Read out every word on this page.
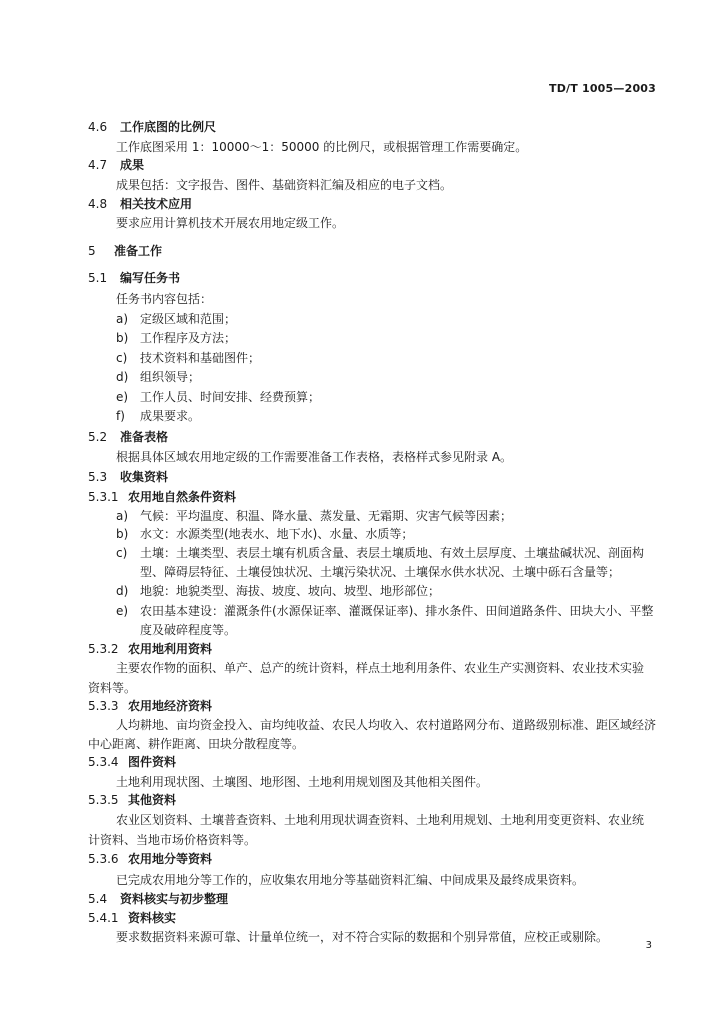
TD/T 1005—2003
4.6 工作底图的比例尺
工作底图采用 1：10000～1：50000 的比例尺，或根据管理工作需要确定。
4.7 成果
成果包括：文字报告、图件、基础资料汇编及相应的电子文档。
4.8 相关技术应用
要求应用计算机技术开展农用地定级工作。
5 准备工作
5.1 编写任务书
任务书内容包括：
a) 定级区域和范围；
b) 工作程序及方法；
c) 技术资料和基础图件；
d) 组织领导；
e) 工作人员、时间安排、经费预算；
f) 成果要求。
5.2 准备表格
根据具体区域农用地定级的工作需要准备工作表格，表格样式参见附录 A。
5.3 收集资料
5.3.1 农用地自然条件资料
a) 气候：平均温度、积温、降水量、蒸发量、无霜期、灾害气候等因素；
b) 水文：水源类型(地表水、地下水)、水量、水质等；
c) 土壤：土壤类型、表层土壤有机质含量、表层土壤质地、有效土层厚度、土壤盐碱状况、剖面构
型、障碍层特征、土壤侵蚀状况、土壤污染状况、土壤保水供水状况、土壤中砾石含量等；
d) 地貌：地貌类型、海拔、坡度、坡向、坡型、地形部位；
e) 农田基本建设：灌溉条件(水源保证率、灌溉保证率)、排水条件、田间道路条件、田块大小、平整
度及破碎程度等。
5.3.2 农用地利用资料
主要农作物的面积、单产、总产的统计资料，样点土地利用条件、农业生产实测资料、农业技术实验
资料等。
5.3.3 农用地经济资料
人均耕地、亩均资金投入、亩均纯收益、农民人均收入、农村道路网分布、道路级别标准、距区域经济
中心距离、耕作距离、田块分散程度等。
5.3.4 图件资料
土地利用现状图、土壤图、地形图、土地利用规划图及其他相关图件。
5.3.5 其他资料
农业区划资料、土壤普查资料、土地利用现状调查资料、土地利用规划、土地利用变更资料、农业统
计资料、当地市场价格资料等。
5.3.6 农用地分等资料
已完成农用地分等工作的，应收集农用地分等基础资料汇编、中间成果及最终成果资料。
5.4 资料核实与初步整理
5.4.1 资料核实
要求数据资料来源可靠、计量单位统一，对不符合实际的数据和个别异常值，应校正或剔除。
3
